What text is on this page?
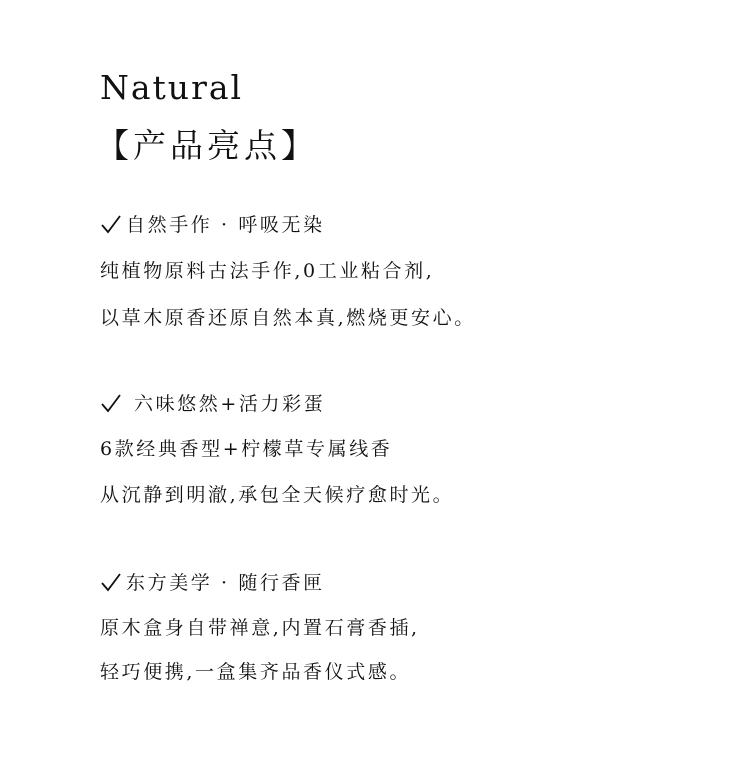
Natural
【产品亮点】

自然手作 · 呼吸无染

纯植物原料古法手作,0工业粘合剂,

以草木原香还原自然本真,燃烧更安心。

六味悠然+活力彩蛋

6款经典香型+柠檬草专属线香

从沉静到明澈,承包全天候疗愈时光。

东方美学 · 随行香匣

原木盒身自带禅意,内置石膏香插,

轻巧便携,一盒集齐品香仪式感。
